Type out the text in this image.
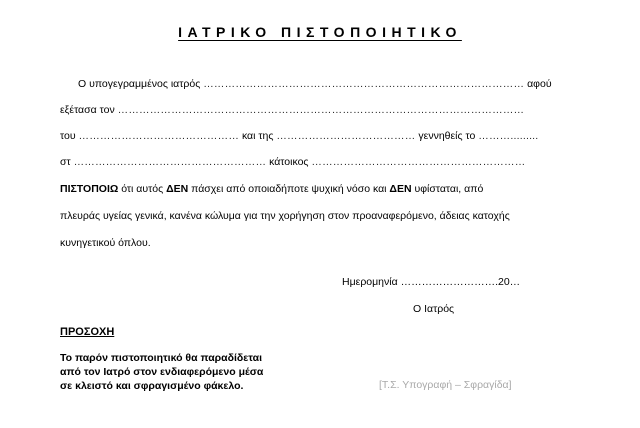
ΙΑΤΡΙΚΟ ΠΙΣΤΟΠΟΙΗΤΙΚΟ
Ο υπογεγραμμένος ιατρός ……………………………………………………………………………… αφού
εξέτασα τον ……………………………………………………………………………………………………
του ……………………………………… και της ………………………………… γεννηθείς το ……….........
στ ……………………………………………… κάτοικος ……………………………………………………
ΠΙΣΤΟΠΟΙΩ ότι αυτός ΔΕΝ πάσχει από οποιαδήποτε ψυχική νόσο και ΔΕΝ υφίσταται, από
πλευράς υγείας γενικά, κανένα κώλυμα για την χορήγηση στον προαναφερόμενο, άδειας κατοχής
κυνηγετικού όπλου.
Ημερομηνία ……………………….20…
Ο Ιατρός
ΠΡΟΣΟΧΗ
Το παρόν πιστοποιητικό θα παραδίδεται
από τον Ιατρό στον ενδιαφερόμενο μέσα
σε κλειστό και σφραγισμένο φάκελο.	[Τ.Σ. Υπογραφή – Σφραγίδα]
